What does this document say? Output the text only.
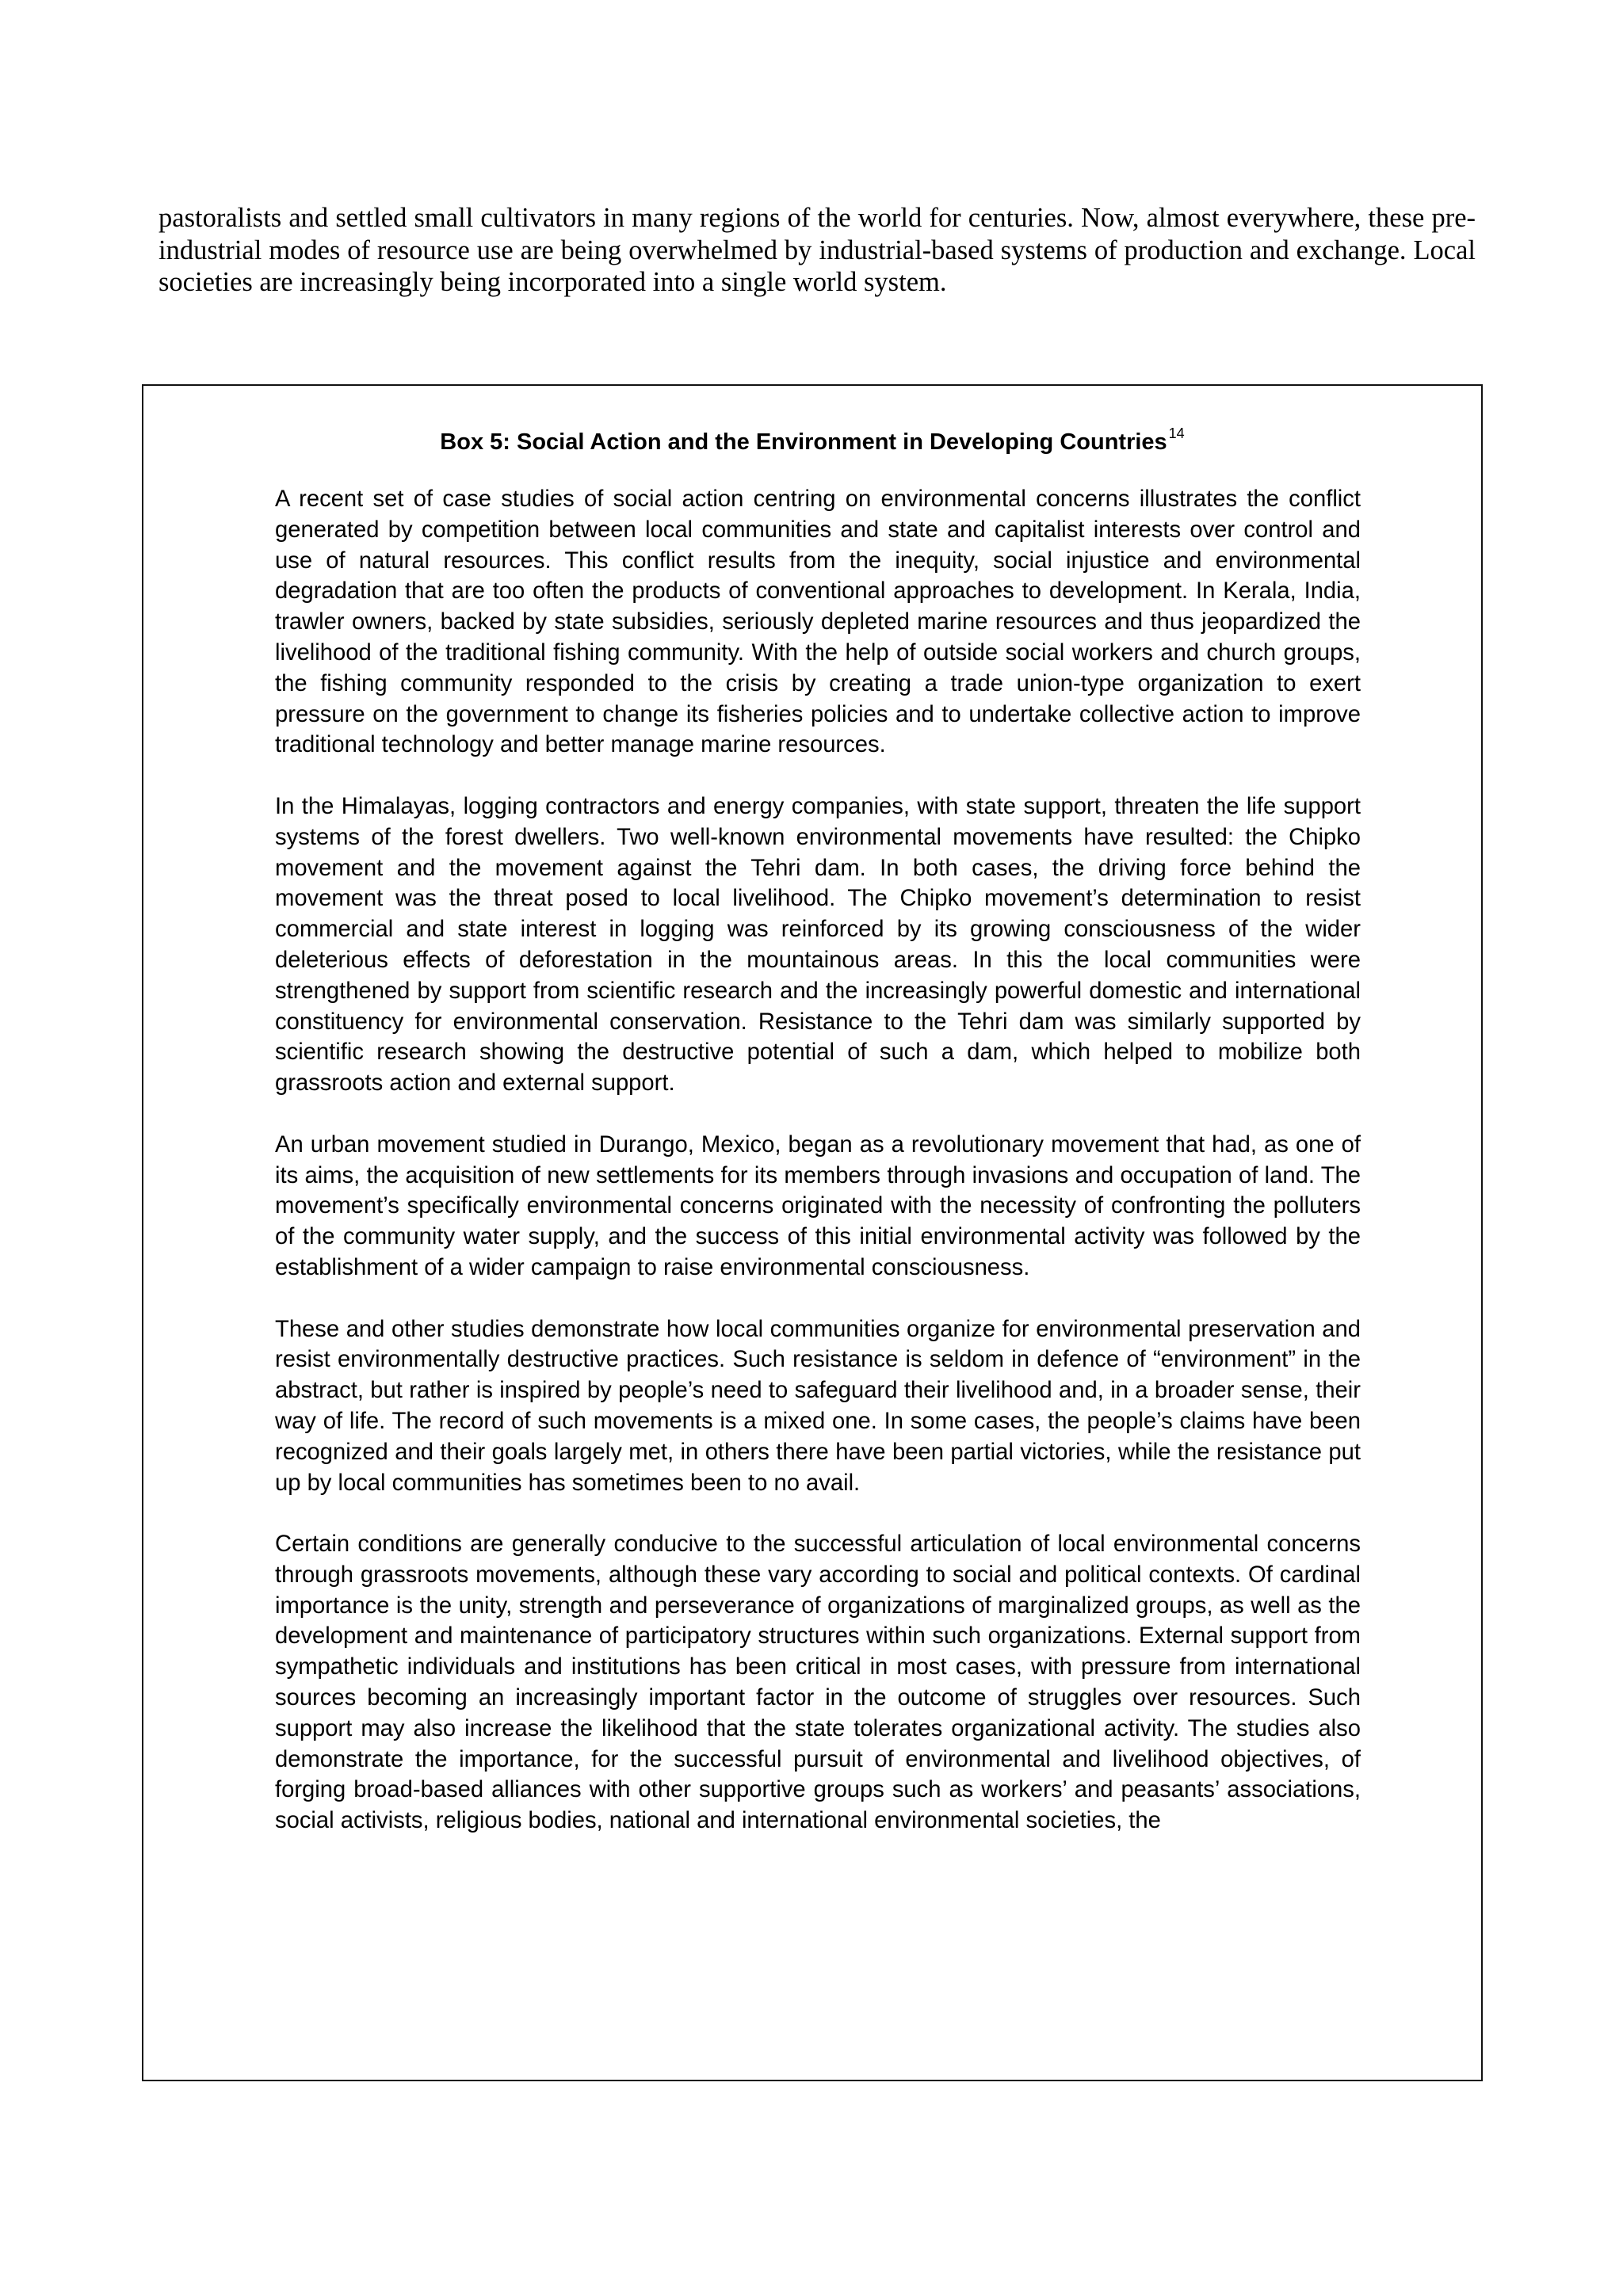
pastoralists and settled small cultivators in many regions of the world for centuries. Now, almost everywhere, these pre-industrial modes of resource use are being overwhelmed by industrial-based systems of production and exchange. Local societies are increasingly being incorporated into a single world system.

Box 5: Social Action and the Environment in Developing Countries $^{14}$

A recent set of case studies of social action centring on environmental concerns illustrates the conflict generated by competition between local communities and state and capitalist interests over control and use of natural resources. This conflict results from the inequity, social injustice and environmental degradation that are too often the products of conventional approaches to development. In Kerala, India, trawler owners, backed by state subsidies, seriously depleted marine resources and thus jeopardized the livelihood of the traditional fishing community. With the help of outside social workers and church groups, the fishing community responded to the crisis by creating a trade union-type organization to exert pressure on the government to change its fisheries policies and to undertake collective action to improve traditional technology and better manage marine resources.

In the Himalayas, logging contractors and energy companies, with state support, threaten the life support systems of the forest dwellers. Two well-known environmental movements have resulted: the Chipko movement and the movement against the Tehri dam. In both cases, the driving force behind the movement was the threat posed to local livelihood. The Chipko movement’s determination to resist commercial and state interest in logging was reinforced by its growing consciousness of the wider deleterious effects of deforestation in the mountainous areas. In this the local communities were strengthened by support from scientific research and the increasingly powerful domestic and international constituency for environmental conservation. Resistance to the Tehri dam was similarly supported by scientific research showing the destructive potential of such a dam, which helped to mobilize both grassroots action and external support.

An urban movement studied in Durango, Mexico, began as a revolutionary movement that had, as one of its aims, the acquisition of new settlements for its members through invasions and occupation of land. The movement’s specifically environmental concerns originated with the necessity of confronting the polluters of the community water supply, and the success of this initial environmental activity was followed by the establishment of a wider campaign to raise environmental consciousness.

These and other studies demonstrate how local communities organize for environmental preservation and resist environmentally destructive practices. Such resistance is seldom in defence of “environment” in the abstract, but rather is inspired by people’s need to safeguard their livelihood and, in a broader sense, their way of life. The record of such movements is a mixed one. In some cases, the people’s claims have been recognized and their goals largely met, in others there have been partial victories, while the resistance put up by local communities has sometimes been to no avail.

Certain conditions are generally conducive to the successful articulation of local environmental concerns through grassroots movements, although these vary according to social and political contexts. Of cardinal importance is the unity, strength and perseverance of organizations of marginalized groups, as well as the development and maintenance of participatory structures within such organizations. External support from sympathetic individuals and institutions has been critical in most cases, with pressure from international sources becoming an increasingly important factor in the outcome of struggles over resources. Such support may also increase the likelihood that the state tolerates organizational activity. The studies also demonstrate the importance, for the successful pursuit of environmental and livelihood objectives, of forging broad-based alliances with other supportive groups such as workers’ and peasants’ associations, social activists, religious bodies, national and international environmental societies, the
